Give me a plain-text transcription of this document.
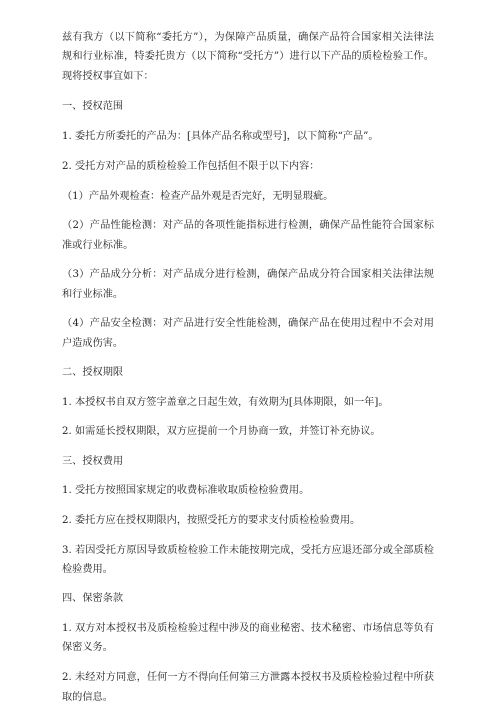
兹有我方（以下简称“委托方”），为保障产品质量，确保产品符合国家相关法律法规和行业标准，特委托贵方（以下简称“受托方”）进行以下产品的质检检验工作。现将授权事宜如下：

一、授权范围

1. 委托方所委托的产品为：[具体产品名称或型号]，以下简称“产品”。

2. 受托方对产品的质检检验工作包括但不限于以下内容：

（1）产品外观检查：检查产品外观是否完好，无明显瑕疵。

（2）产品性能检测：对产品的各项性能指标进行检测，确保产品性能符合国家标准或行业标准。

（3）产品成分分析：对产品成分进行检测，确保产品成分符合国家相关法律法规和行业标准。

（4）产品安全检测：对产品进行安全性能检测，确保产品在使用过程中不会对用户造成伤害。

二、授权期限

1. 本授权书自双方签字盖章之日起生效，有效期为[具体期限，如一年]。

2. 如需延长授权期限，双方应提前一个月协商一致，并签订补充协议。

三、授权费用

1. 受托方按照国家规定的收费标准收取质检检验费用。

2. 委托方应在授权期限内，按照受托方的要求支付质检检验费用。

3. 若因受托方原因导致质检检验工作未能按期完成，受托方应退还部分或全部质检检验费用。

四、保密条款

1. 双方对本授权书及质检检验过程中涉及的商业秘密、技术秘密、市场信息等负有保密义务。

2. 未经对方同意，任何一方不得向任何第三方泄露本授权书及质检检验过程中所获取的信息。
